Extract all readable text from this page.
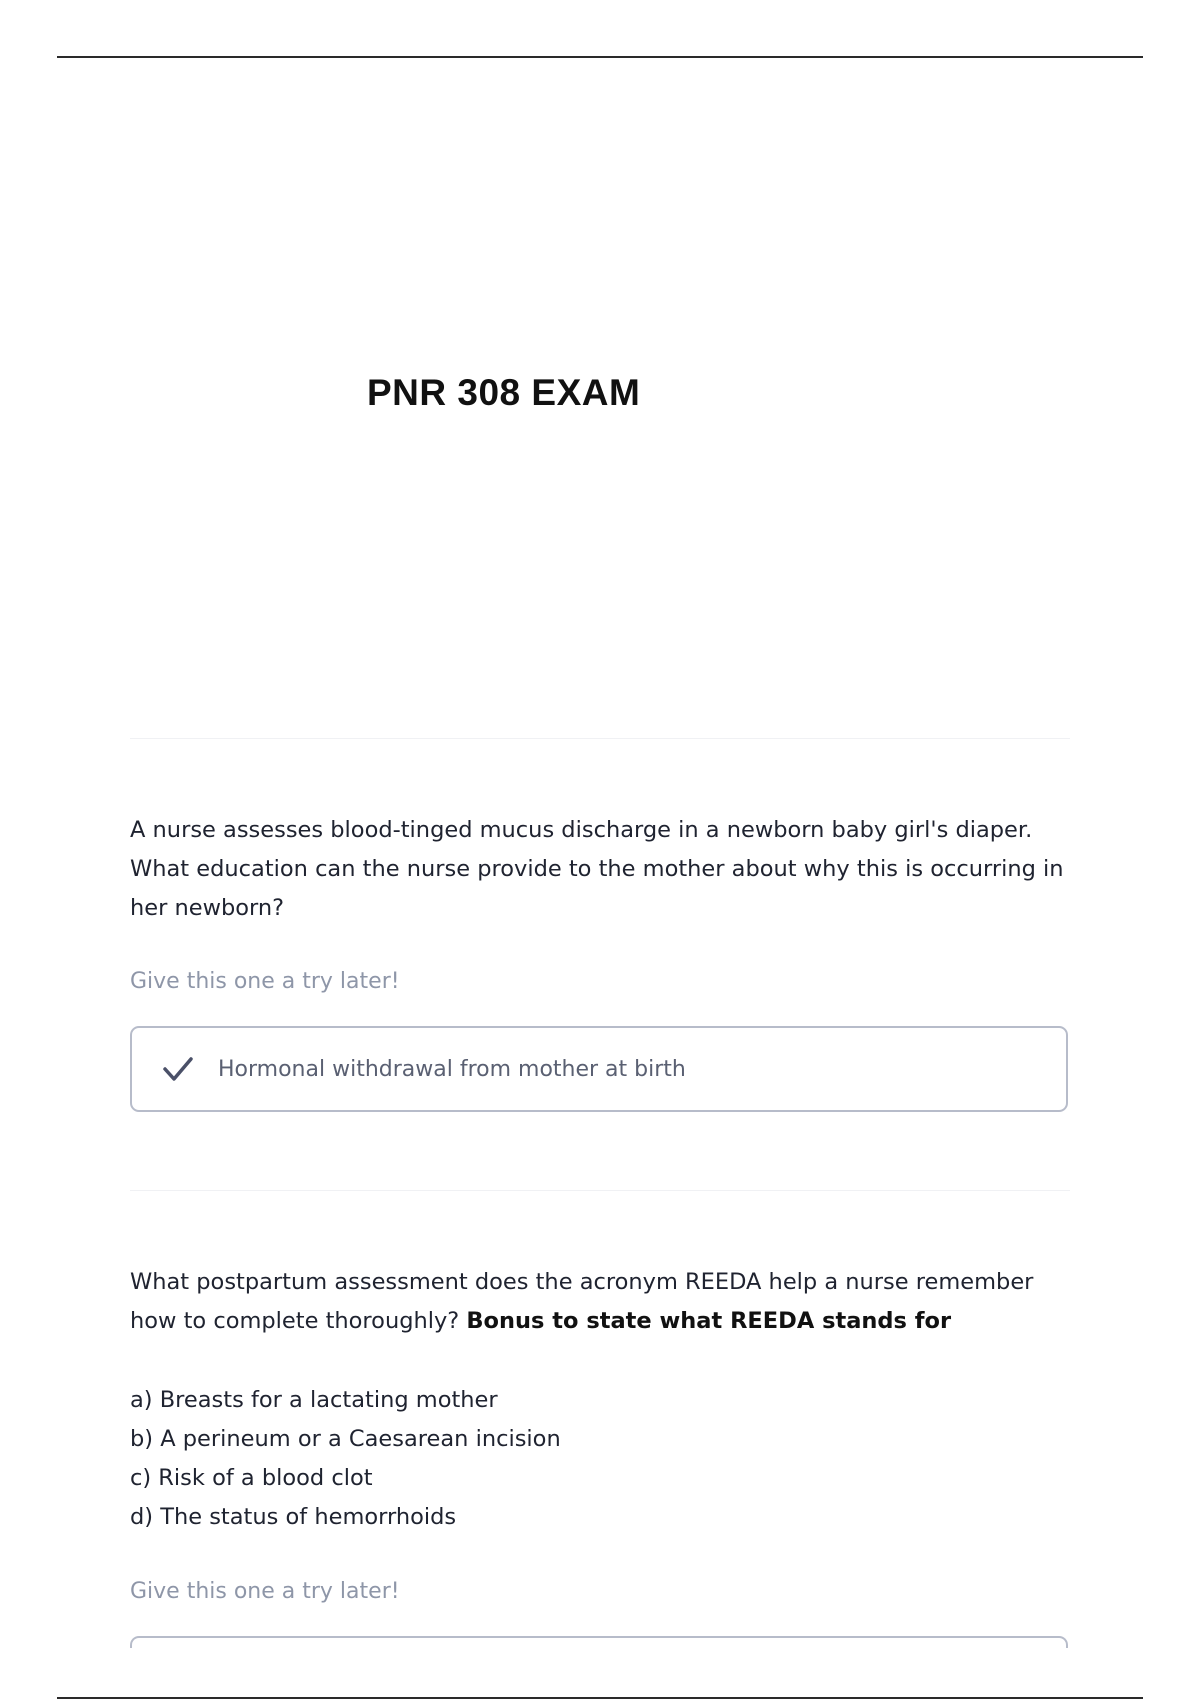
PNR 308 EXAM

A nurse assesses blood-tinged mucus discharge in a newborn baby girl's diaper. What education can the nurse provide to the mother about why this is occurring in her newborn?

Give this one a try later!

Hormonal withdrawal from mother at birth

What postpartum assessment does the acronym REEDA help a nurse remember how to complete thoroughly? Bonus to state what REEDA stands for

a) Breasts for a lactating mother
b) A perineum or a Caesarean incision
c) Risk of a blood clot
d) The status of hemorrhoids

Give this one a try later!
